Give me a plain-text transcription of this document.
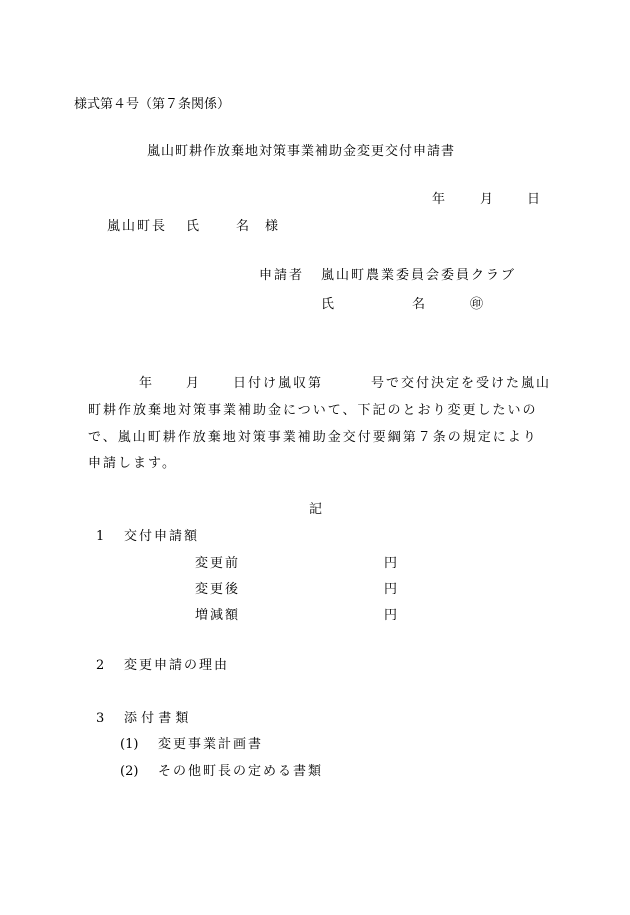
様式第４号（第７条関係）
嵐山町耕作放棄地対策事業補助金変更交付申請書
年	月	日
嵐山町長 氏	名 様
申請者 嵐山町農業委員会委員クラブ
氏	名	㊞
年	月	日付け嵐収第	号で交付決定を受けた嵐山
町耕作放棄地対策事業補助金について、下記のとおり変更したいの
で、嵐山町耕作放棄地対策事業補助金交付要綱第７条の規定により
申請します。
記
1 交付申請額
変更前	円
変更後	円
増減額	円
2 変更申請の理由
3 添 付 書 類
(1) 変更事業計画書
(2) その他町長の定める書類
